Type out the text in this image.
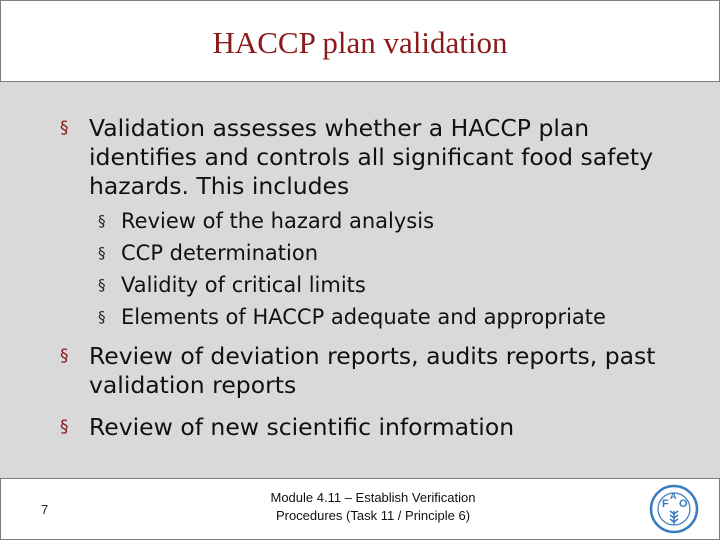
HACCP plan validation
§ Validation assesses whether a HACCP plan identifies and controls all significant food safety hazards. This includes
§ Review of the hazard analysis
§ CCP determination
§ Validity of critical limits
§ Elements of HACCP adequate and appropriate
§ Review of deviation reports, audits reports, past validation reports
§ Review of new scientific information
7
Module 4.11 – Establish Verification
Procedures (Task 11 / Principle 6)
F O
A
